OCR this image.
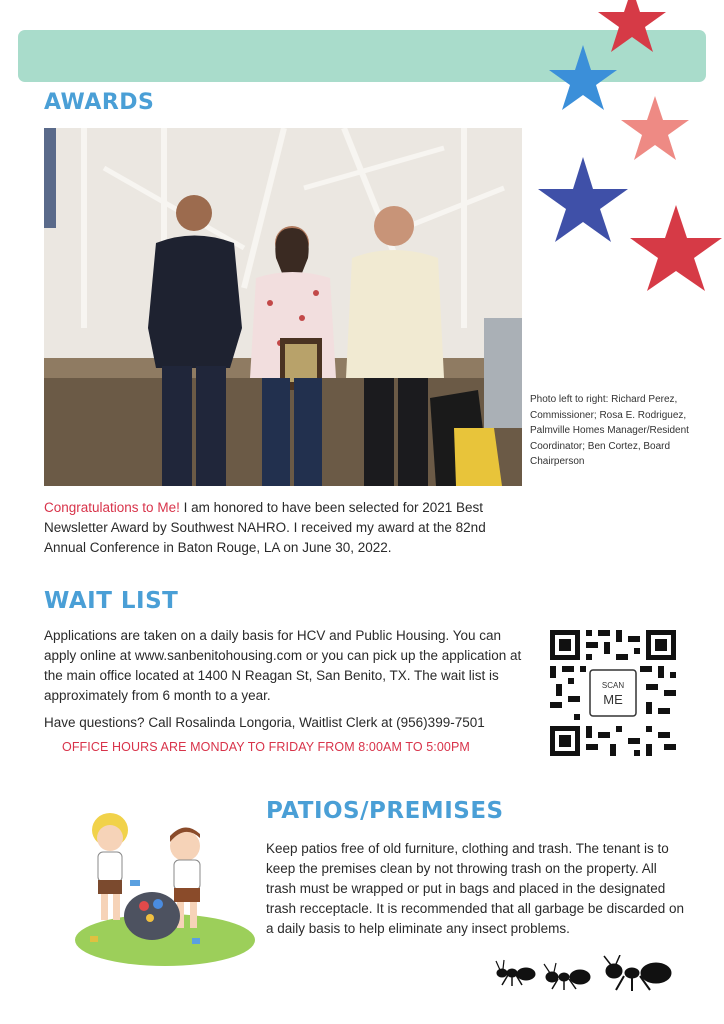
AWARDS
Photo left to right: Richard Perez, Commissioner; Rosa E. Rodriguez, Palmville Homes Manager/Resident Coordinator; Ben Cortez, Board Chairperson

Congratulations to Me! I am honored to have been selected for 2021 Best Newsletter Award by Southwest NAHRO. I received my award at the 82nd Annual Conference in Baton Rouge, LA on June 30, 2022.

WAIT LIST

Applications are taken on a daily basis for HCV and Public Housing. You can apply online at www.sanbenitohousing.com or you can pick up the application at the main office located at 1400 N Reagan St, San Benito, TX. The wait list is approximately from 6 month to a year.

Have questions? Call Rosalinda Longoria, Waitlist Clerk at (956)399-7501

OFFICE HOURS ARE MONDAY TO FRIDAY FROM 8:00AM TO 5:00PM
SCAN
ME
PATIOS/PREMISES

Keep patios free of old furniture, clothing and trash. The tenant is to keep the premises clean by not throwing trash on the property. All trash must be wrapped or put in bags and placed in the designated trash recceptacle. It is recommended that all garbage be discarded on a daily basis to help eliminate any insect problems.
